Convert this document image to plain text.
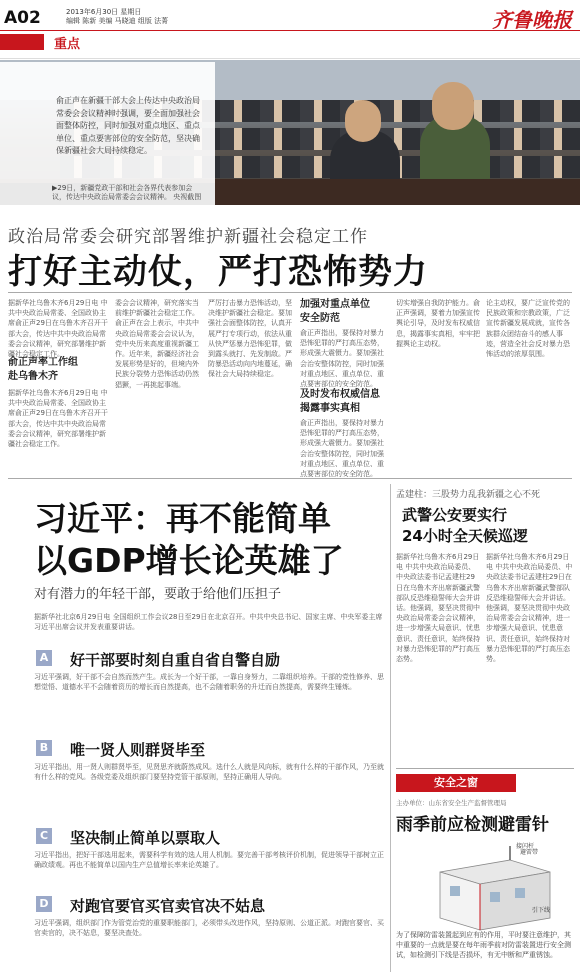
A02	2013年6月30日 星期日
编辑 陈新 美编 马晓迪 组版 法菁	齐鲁晚报
重点
俞正声在新疆干部大会上传达中央政治局常委会会议精神时强调，要全面加强社会面整体防控，同时加强对重点地区、重点单位、重点要害部位的安全防范，坚决确保新疆社会大局持续稳定。
▶29日，新疆党政干部和社会各界代表参加会议，传达中央政治局常委会会议精神。 央视截图
政治局常委会研究部署维护新疆社会稳定工作
打好主动仗，严打恐怖势力
据新华社乌鲁木齐6月29日电 中共中央政治局常委、全国政协主席俞正声29日在乌鲁木齐召开干部大会，传达中共中央政治局常委会会议精神，研究部署维护新疆社会稳定工作。
俞正声率工作组
赴乌鲁木齐
据新华社乌鲁木齐6月29日电 中共中央政治局常委、全国政协主席俞正声29日在乌鲁木齐召开干部大会，传达中共中央政治局常委会会议精神，研究部署维护新疆社会稳定工作。
委会会议精神，研究落实当前维护新疆社会稳定工作。俞正声在会上表示，中共中央政治局常委会会议认为，党中央历来高度重视新疆工作。近年来，新疆经济社会发展形势是好的，但境内外民族分裂势力恐怖活动仍然猖獗，一再挑起事端。
严厉打击暴力恐怖活动，坚决维护新疆社会稳定。要加强社会面整体防控，认真开展严打专项行动，依法从重从快严惩暴力恐怖犯罪，做到露头就打、先发制敌。严防暴恐活动向内地蔓延，确保社会大局持续稳定。
加强对重点单位
安全防范
俞正声指出，要保持对暴力恐怖犯罪的严打高压态势，形成强大震慑力。要加强社会治安整体防控，同时加强对重点地区、重点单位、重点要害部位的安全防范。
及时发布权威信息
揭露事实真相
俞正声指出，要保持对暴力恐怖犯罪的严打高压态势，形成强大震慑力。要加强社会治安整体防控，同时加强对重点地区、重点单位、重点要害部位的安全防范。
切实增强自我防护能力。俞正声强调，要着力加强宣传舆论引导，及时发布权威信息，揭露事实真相，牢牢把握舆论主动权。
论主动权，要广泛宣传党的民族政策和宗教政策，广泛宣传新疆发展成就，宣传各族群众团结奋斗的感人事迹，营造全社会反对暴力恐怖活动的浓厚氛围。
习近平：再不能简单
以GDP增长论英雄了
对有潜力的年轻干部，要敢于给他们压担子
据新华社北京6月29日电 全国组织工作会议28日至29日在北京召开。中共中央总书记、国家主席、中央军委主席习近平出席会议并发表重要讲话。
A 好干部要时刻自重自省自警自励
习近平强调，好干部不会自然而然产生。成长为一个好干部，一靠自身努力，二靠组织培养。干部的党性修养、思想觉悟、道德水平不会随着资历的增长而自然提高，也不会随着职务的升迁而自然提高，需要终生锤炼。
B 唯一贤人则群贤毕至
习近平指出，用一贤人则群贤毕至，见贤思齐就蔚然成风。选什么人就是风向标，就有什么样的干部作风，乃至就有什么样的党风。各级党委及组织部门要坚持党管干部原则，坚持正确用人导向。
C 坚决制止简单以票取人
习近平指出，把好干部选用起来，需要科学有效的选人用人机制。要完善干部考核评价机制，促进领导干部树立正确政绩观。再也不能简单以国内生产总值增长率来论英雄了。
D 对跑官要官买官卖官决不姑息
习近平强调，组织部门作为管党治党的重要职能部门，必须带头改进作风，坚持原则、公道正派。对跑官要官、买官卖官的，决不姑息，要坚决查处。
孟建柱：三股势力乱我新疆之心不死
武警公安要实行
24小时全天候巡逻
据新华社乌鲁木齐6月29日电 中共中央政治局委员、中央政法委书记孟建柱29日在乌鲁木齐出席新疆武警部队反恐维稳誓师大会并讲话。他强调，要坚决贯彻中央政治局常委会会议精神，进一步增强大局意识、忧患意识、责任意识，始终保持对暴力恐怖犯罪的严打高压态势。
据新华社乌鲁木齐6月29日电 中共中央政治局委员、中央政法委书记孟建柱29日在乌鲁木齐出席新疆武警部队反恐维稳誓师大会并讲话。他强调，要坚决贯彻中央政治局常委会会议精神，进一步增强大局意识、忧患意识、责任意识，始终保持对暴力恐怖犯罪的严打高压态势。
安全之窗
主办单位：山东省安全生产监督管理局
雨季前应检测避雷针
避雷带
接闪杆
引下线
为了保障防雷装置起到应有的作用，平时要注意维护，其中重要的一点就是要在每年雨季前对防雷装置进行安全测试，如检测引下线是否损坏，有无中断和严重锈蚀。
